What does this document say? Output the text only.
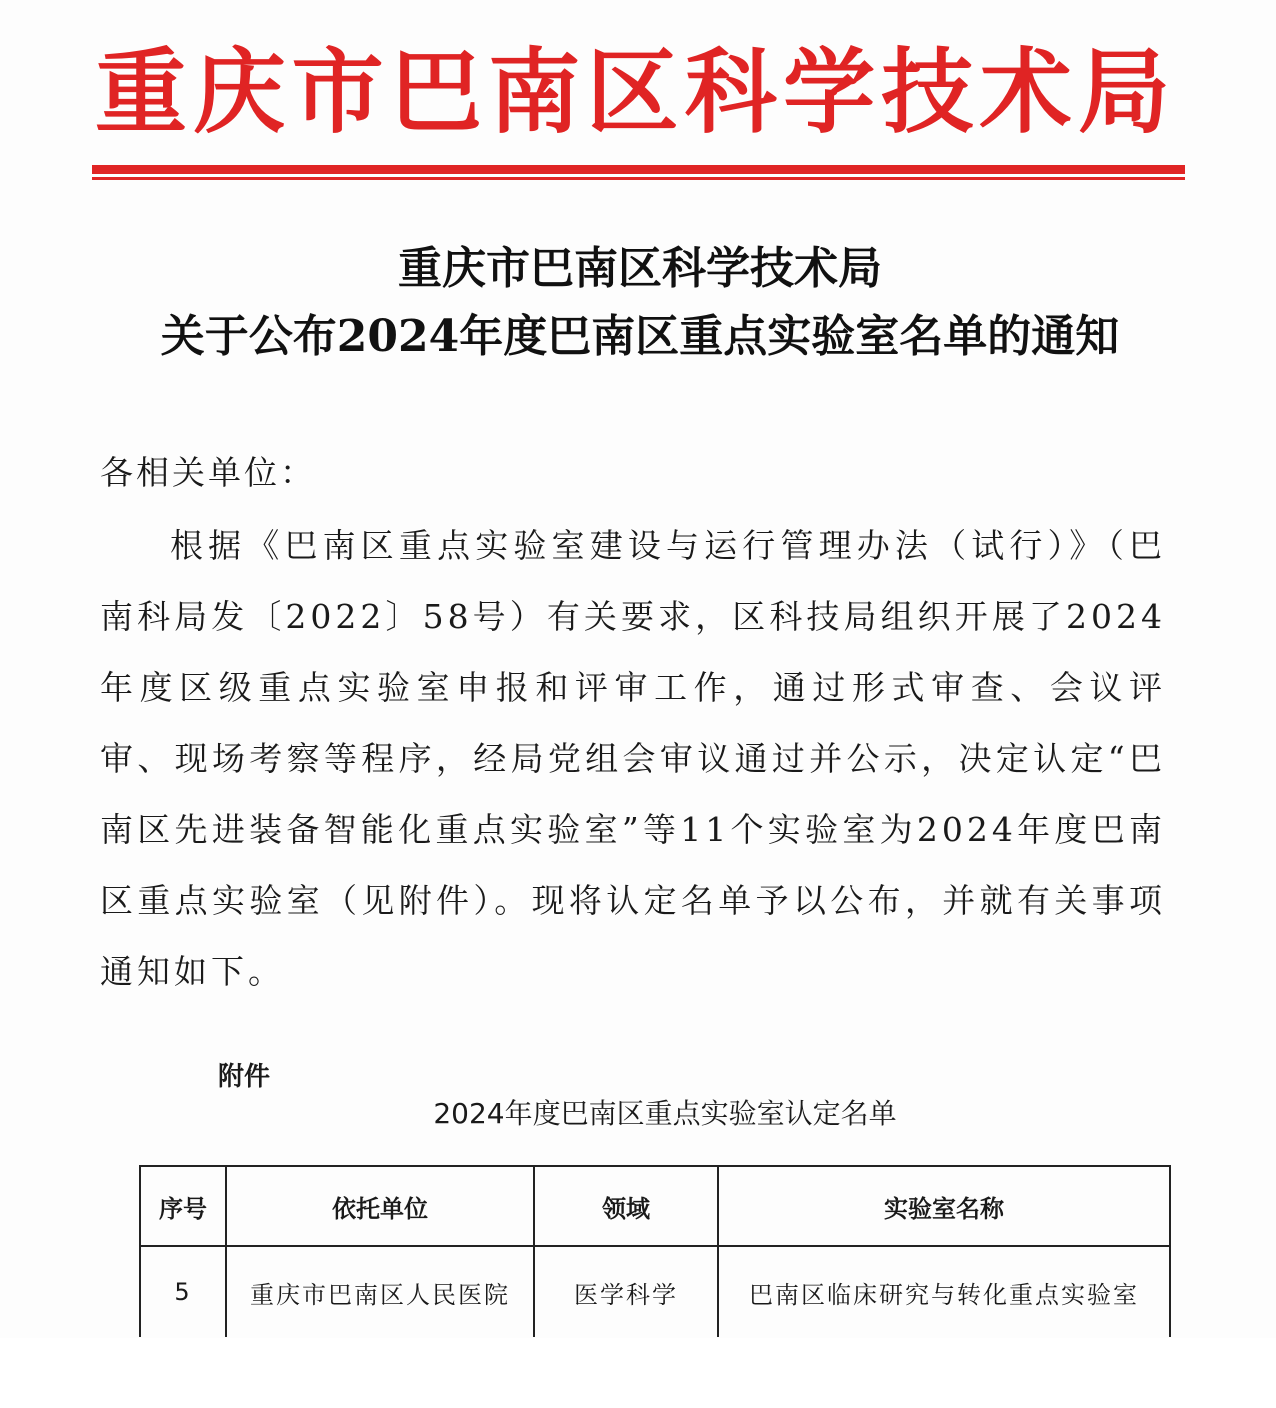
重 庆 市 巴 南 区 科 学 技 术 局
重庆市巴南区科学技术局
关于公布2024年度巴南区重点实验室名单的通知
各相关单位：
根据《巴南区重点实验室建设与运行管理办法（试行）》（巴南科局发〔2022〕58号）有关要求，区科技局组织开展了2024年度区级重点实验室申报和评审工作，通过形式审查、会议评审、现场考察等程序，经局党组会审议通过并公示，决定认定“巴南区先进装备智能化重点实验室”等11个实验室为2024年度巴南区重点实验室（见附件）。现将认定名单予以公布，并就有关事项通知如下。
附件
2024年度巴南区重点实验室认定名单
序号	依托单位	领域	实验室名称
5	重庆市巴南区人民医院	医学科学	巴南区临床研究与转化重点实验室
